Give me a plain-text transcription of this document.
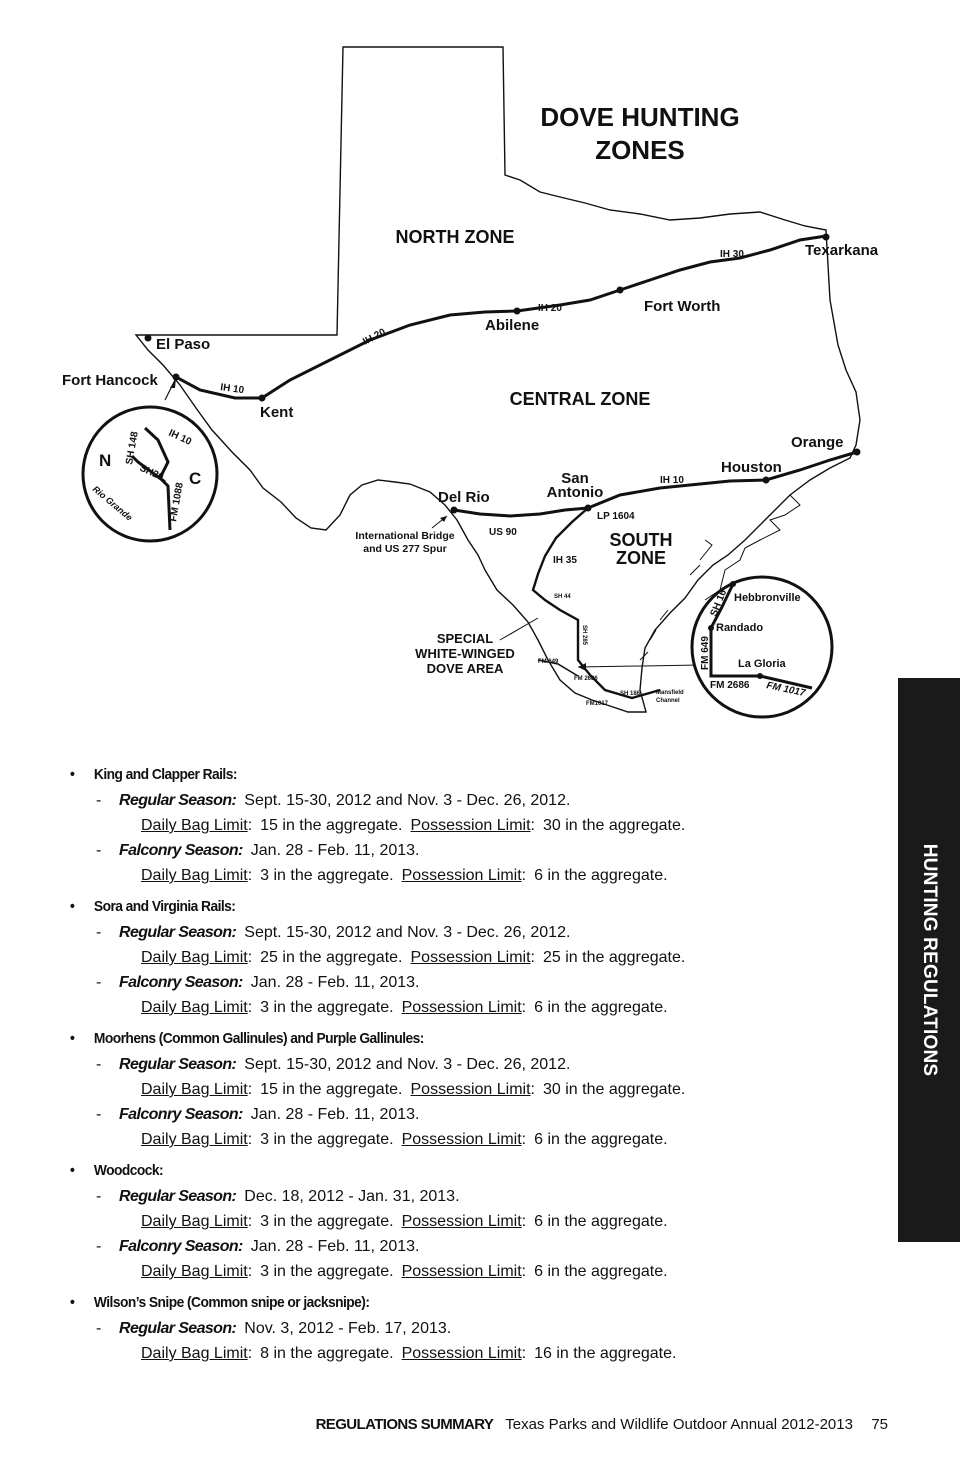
DOVE HUNTING
ZONES
NORTH ZONE
CENTRAL ZONE
SOUTH
ZONE
El Paso
Fort Hancock
Kent
Abilene
Fort Worth
Texarkana
Orange
Houston
San
Antonio
Del Rio
IH 10
IH 20
IH 20
IH 30
IH 10
US 90
LP 1604
IH 35
SH 44
SH 285
FM 649
FM 2686
FM1017
SH 186
International Bridge
and US 277 Spur
SPECIAL
WHITE-WINGED
DOVE AREA
Mansfield
Channel
N
C
SH 148	IH 10
SH20
FM 1088
Rio Grande
Hebbronville
Randado
La Gloria
SH 16
FM 649
FM 2686 FM 1017
• King and Clapper Rails:
- Regular Season: Sept. 15-30, 2012 and Nov. 3 - Dec. 26, 2012.
Daily Bag Limit: 15 in the aggregate. Possession Limit: 30 in the aggregate.
- Falconry Season: Jan. 28 - Feb. 11, 2013.
Daily Bag Limit: 3 in the aggregate. Possession Limit: 6 in the aggregate.
• Sora and Virginia Rails:
- Regular Season: Sept. 15-30, 2012 and Nov. 3 - Dec. 26, 2012.
Daily Bag Limit: 25 in the aggregate. Possession Limit: 25 in the aggregate.
- Falconry Season: Jan. 28 - Feb. 11, 2013.
Daily Bag Limit: 3 in the aggregate. Possession Limit: 6 in the aggregate.
• Moorhens (Common Gallinules) and Purple Gallinules:
- Regular Season: Sept. 15-30, 2012 and Nov. 3 - Dec. 26, 2012.
Daily Bag Limit: 15 in the aggregate. Possession Limit: 30 in the aggregate.
- Falconry Season: Jan. 28 - Feb. 11, 2013.
Daily Bag Limit: 3 in the aggregate. Possession Limit: 6 in the aggregate.
• Woodcock:
- Regular Season: Dec. 18, 2012 - Jan. 31, 2013.
Daily Bag Limit: 3 in the aggregate. Possession Limit: 6 in the aggregate.
- Falconry Season: Jan. 28 - Feb. 11, 2013.
Daily Bag Limit: 3 in the aggregate. Possession Limit: 6 in the aggregate.
• Wilson’s Snipe (Common snipe or jacksnipe):
- Regular Season: Nov. 3, 2012 - Feb. 17, 2013.
Daily Bag Limit: 8 in the aggregate. Possession Limit: 16 in the aggregate.
HUNTING REGULATIONS
REGULATIONS SUMMARY Texas Parks and Wildlife Outdoor Annual 2012-2013 75
